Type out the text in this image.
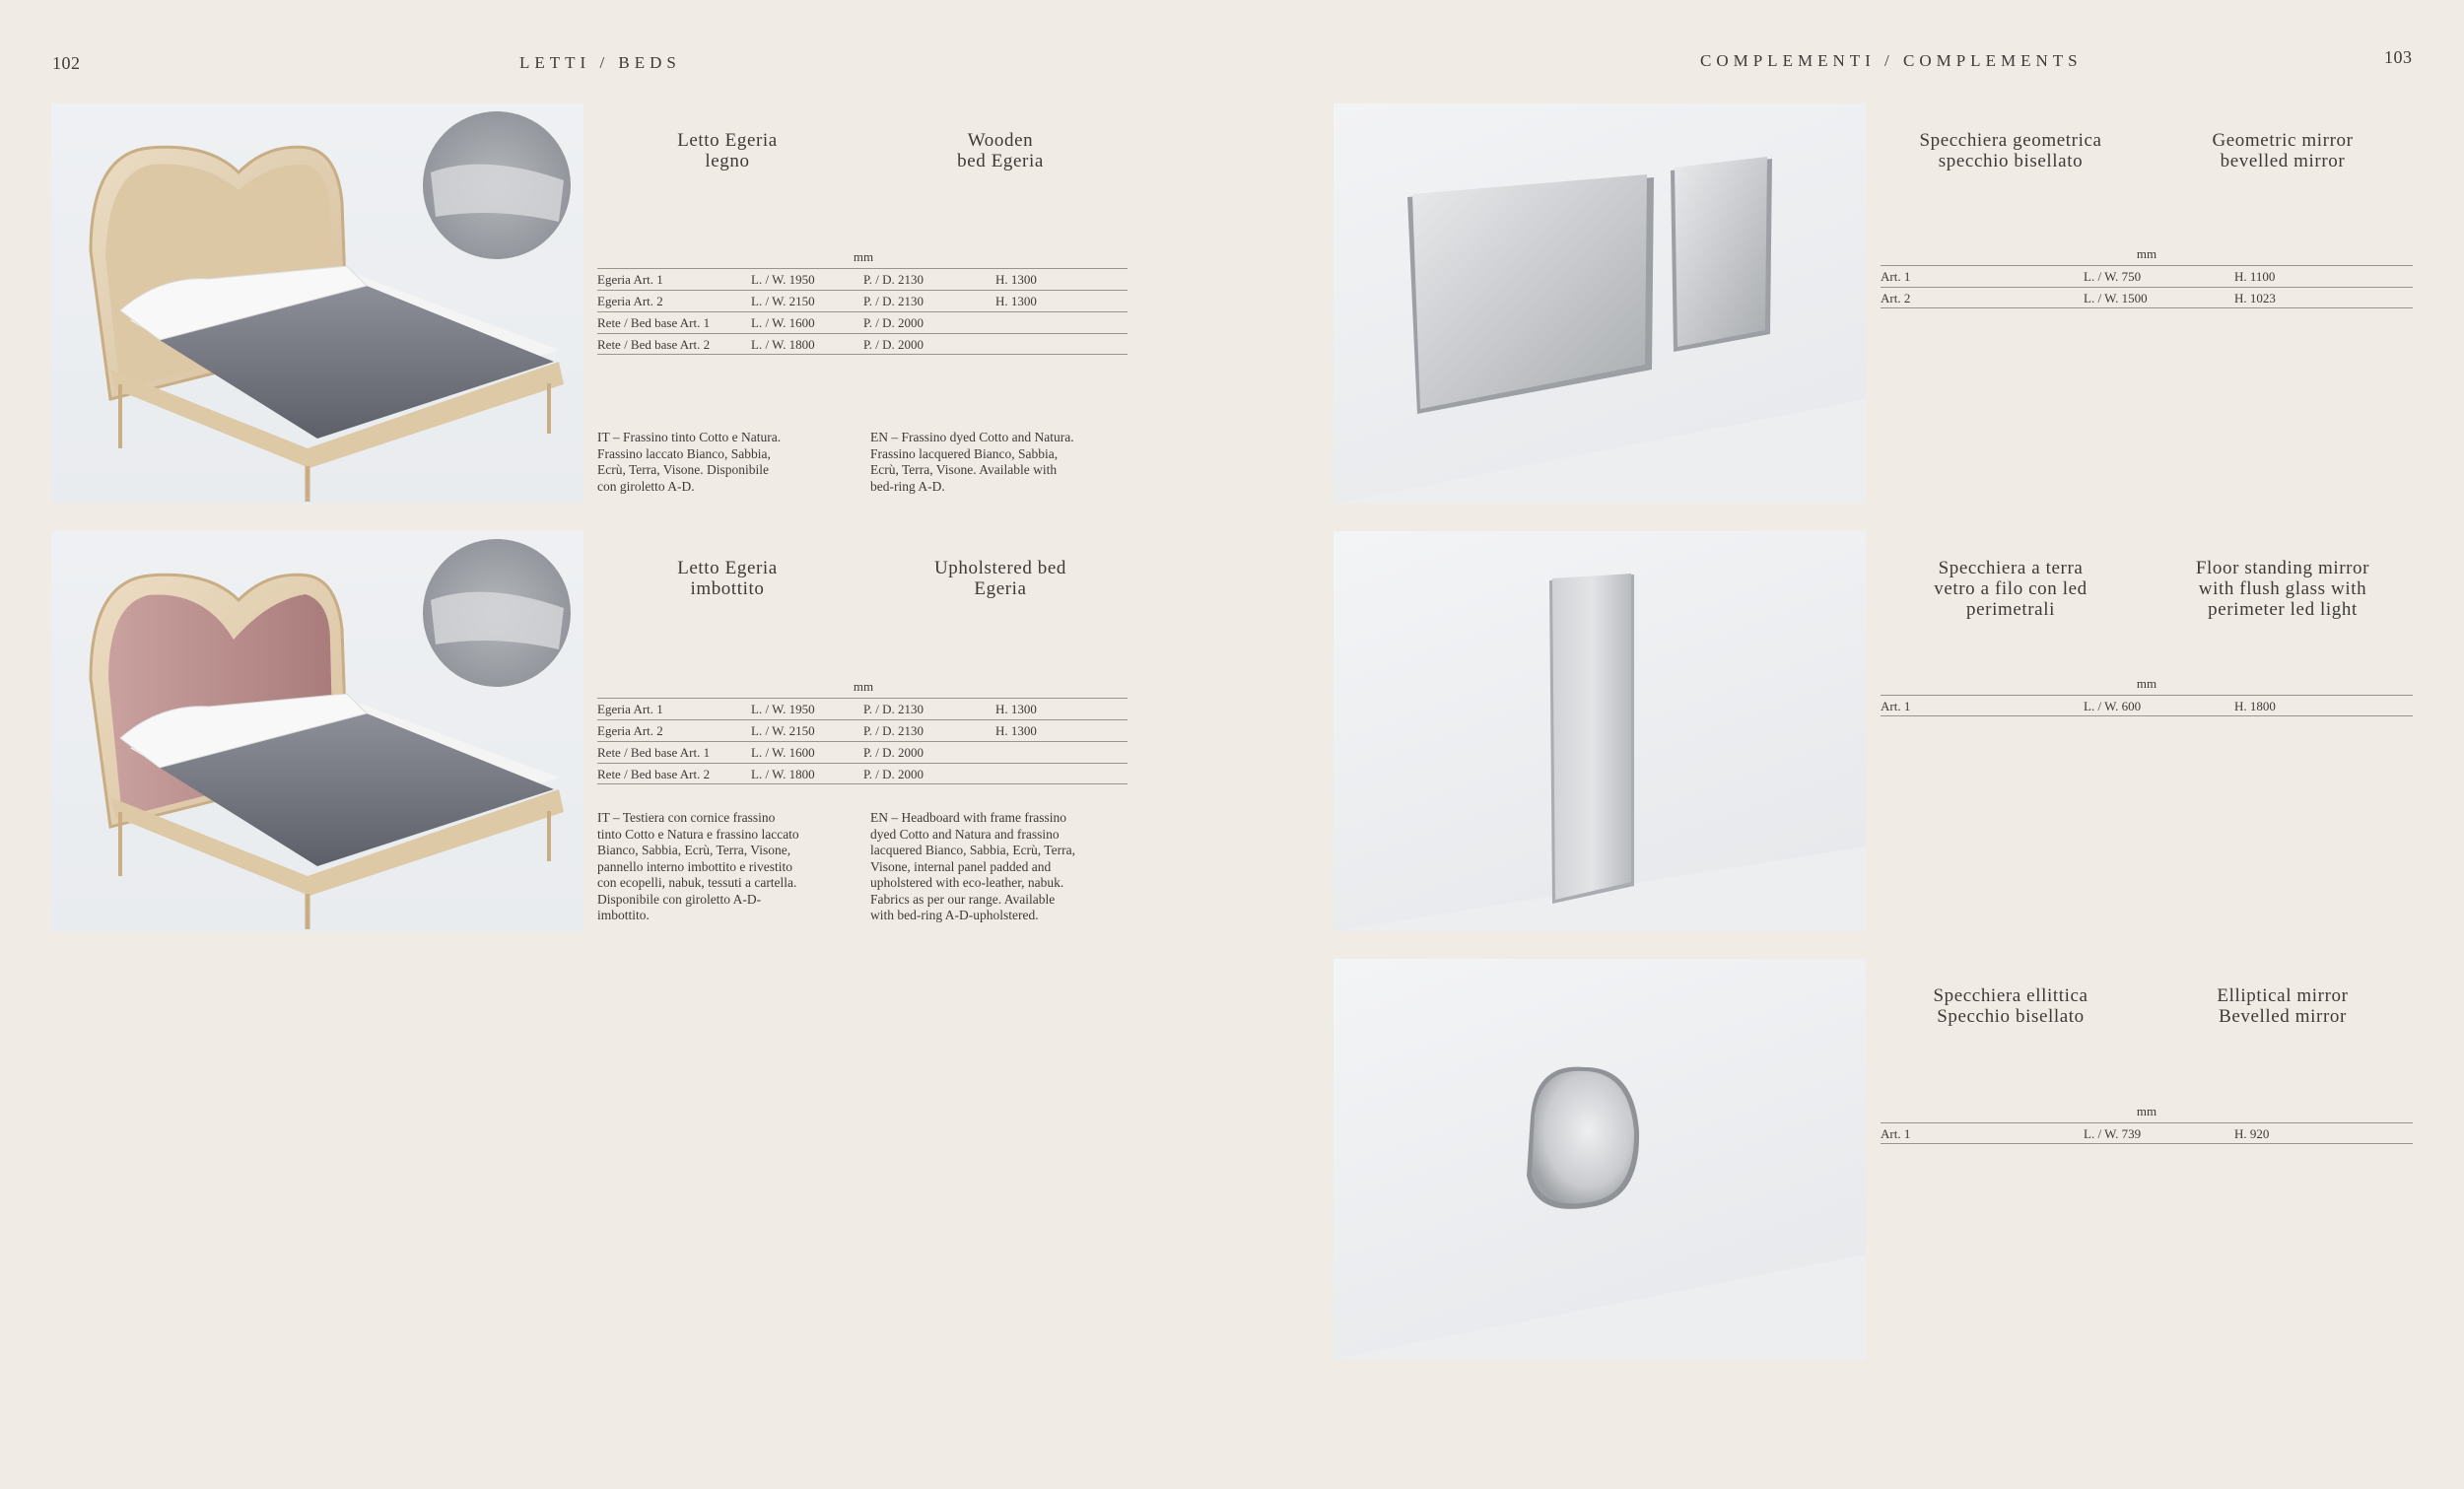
102	LETTI / BEDS
Letto Egeria
legno
Wooden
bed Egeria
mm
Egeria Art. 1	L. / W. 1950	P. / D. 2130	H. 1300
Egeria Art. 2	L. / W. 2150	P. / D. 2130	H. 1300
Rete / Bed base Art. 1	L. / W. 1600	P. / D. 2000
Rete / Bed base Art. 2	L. / W. 1800	P. / D. 2000
IT – Frassino tinto Cotto e Natura.
Frassino laccato Bianco, Sabbia,
Ecrù, Terra, Visone. Disponibile
con giroletto A-D.
EN – Frassino dyed Cotto and Natura.
Frassino lacquered Bianco, Sabbia,
Ecrù, Terra, Visone. Available with
bed-ring A-D.
Letto Egeria
imbottito
Upholstered bed
Egeria
mm
Egeria Art. 1	L. / W. 1950	P. / D. 2130	H. 1300
Egeria Art. 2	L. / W. 2150	P. / D. 2130	H. 1300
Rete / Bed base Art. 1	L. / W. 1600	P. / D. 2000
Rete / Bed base Art. 2	L. / W. 1800	P. / D. 2000
IT – Testiera con cornice frassino
tinto Cotto e Natura e frassino laccato
Bianco, Sabbia, Ecrù, Terra, Visone,
pannello interno imbottito e rivestito
con ecopelli, nabuk, tessuti a cartella.
Disponibile con giroletto A-D-
imbottito.
EN – Headboard with frame frassino
dyed Cotto and Natura and frassino
lacquered Bianco, Sabbia, Ecrù, Terra,
Visone, internal panel padded and
upholstered with eco-leather, nabuk.
Fabrics as per our range. Available
with bed-ring A-D-upholstered.
COMPLEMENTI / COMPLEMENTS	103
Specchiera geometrica
specchio bisellato
Geometric mirror
bevelled mirror
mm
Art. 1	L. / W. 750	H. 1100
Art. 2	L. / W. 1500	H. 1023
Specchiera a terra
vetro a filo con led
perimetrali
Floor standing mirror
with flush glass with
perimeter led light
mm
Art. 1	L. / W. 600	H. 1800
Specchiera ellittica
Specchio bisellato
Elliptical mirror
Bevelled mirror
mm
Art. 1	L. / W. 739	H. 920
